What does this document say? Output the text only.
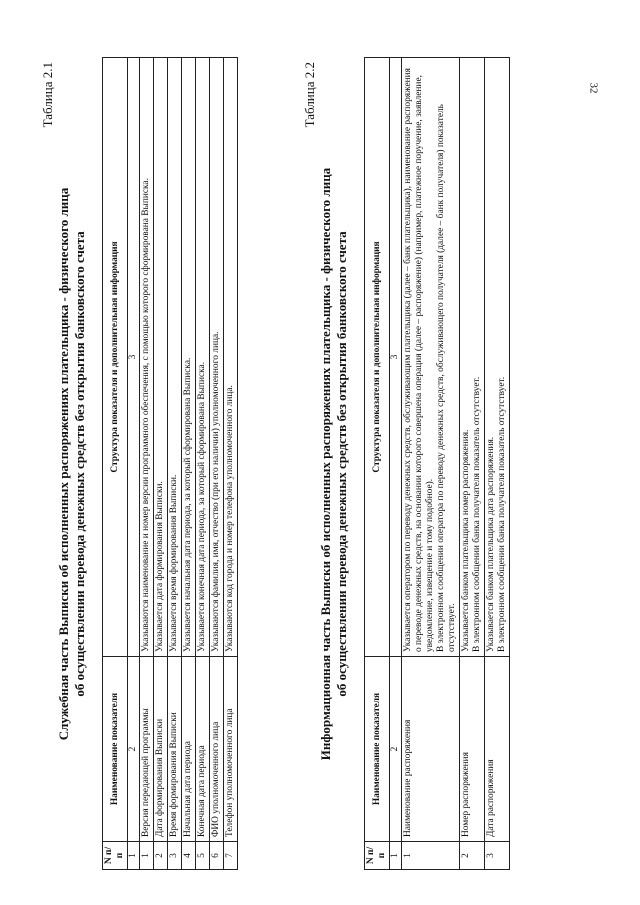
32
Таблица 2.1
Служебная часть Выписки об исполненных распоряжениях плательщика - физического лица об осуществлении перевода денежных средств без открытия банковского счета
N п/п	Наименование показателя	Структура показателя и дополнительная информация
1	2	3
1	Версия передающей программы	Указываются наименование и номер версии программного обеспечения, с помощью которого сформирована Выписка.
2	Дата формирования Выписки	Указывается дата формирования Выписки.
3	Время формирования Выписки	Указывается время формирования Выписки.
4	Начальная дата периода	Указывается начальная дата периода, за который сформирована Выписка.
5	Конечная дата периода	Указывается конечная дата периода, за который сформирована Выписка.
6	ФИО уполномоченного лица	Указываются фамилия, имя, отчество (при его наличии) уполномоченного лица.
7	Телефон уполномоченного лица	Указываются код города и номер телефона уполномоченного лица.
Таблица 2.2
Информационная часть Выписки об исполненных распоряжениях плательщика - физического лица об осуществлении перевода денежных средств без открытия банковского счета
N п/п	Наименование показателя	Структура показателя и дополнительная информация
1	2	3
1	Наименование распоряжения	Указывается оператором по переводу денежных средств, обслуживающим плательщика (далее – банк плательщика), наименование распоряжения о переводе денежных средств, на основании которого совершена операция (далее – распоряжение) (например, платежное поручение, заявление, уведомление, извещение и тому подобное). В электронном сообщении оператора по переводу денежных средств, обслуживающего получателя (далее – банк получателя) показатель отсутствует.

2	Номер распоряжения	Указывается банком плательщика номер распоряжения. В электронном сообщении банка получателя показатель отсутствует.

3	Дата распоряжения	Указывается банком плательщика дата распоряжения. В электронном сообщении банка получателя показатель отсутствует.
